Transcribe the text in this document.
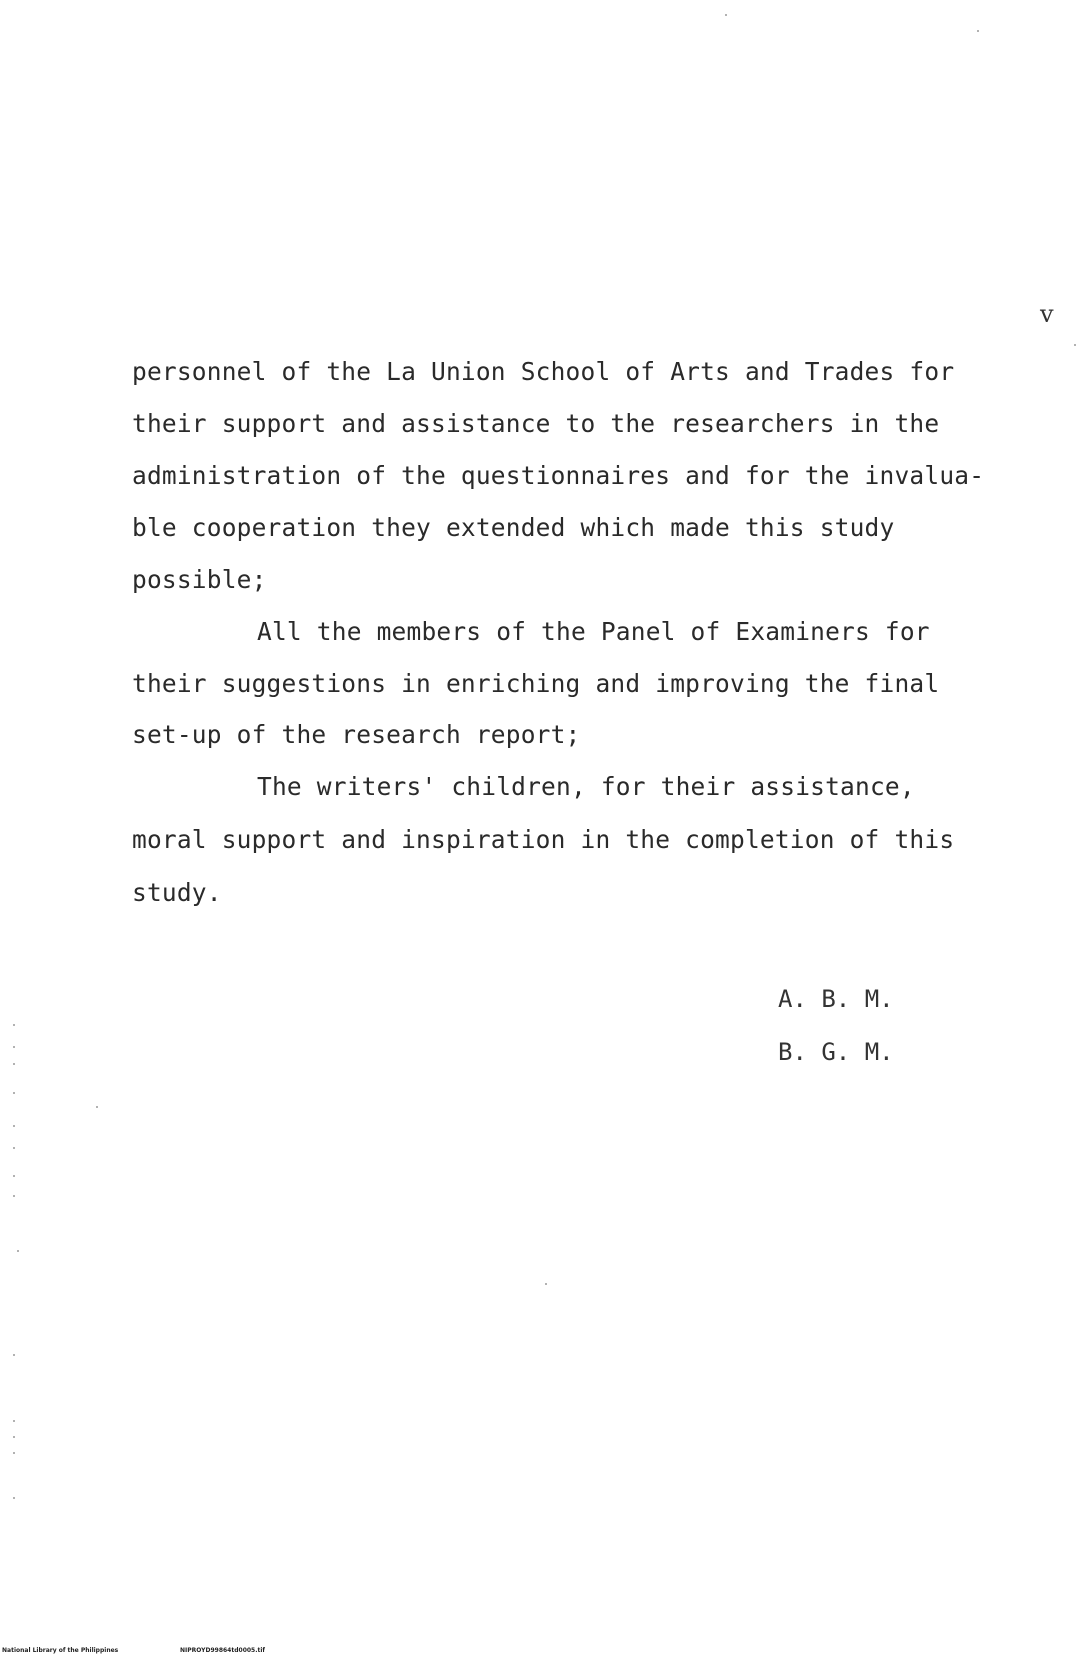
v
personnel of the La Union School of Arts and Trades for
their support and assistance to the researchers in the
administration of the questionnaires and for the invalua-
ble cooperation they extended which made this study
possible;
All the members of the Panel of Examiners for
their suggestions in enriching and improving the final
set-up of the research report;
The writers' children, for their assistance,
moral support and inspiration in the completion of this
study.
A. B. M.
B. G. M.
National Library of the Philippines	NIPROYD99864td0005.tif
